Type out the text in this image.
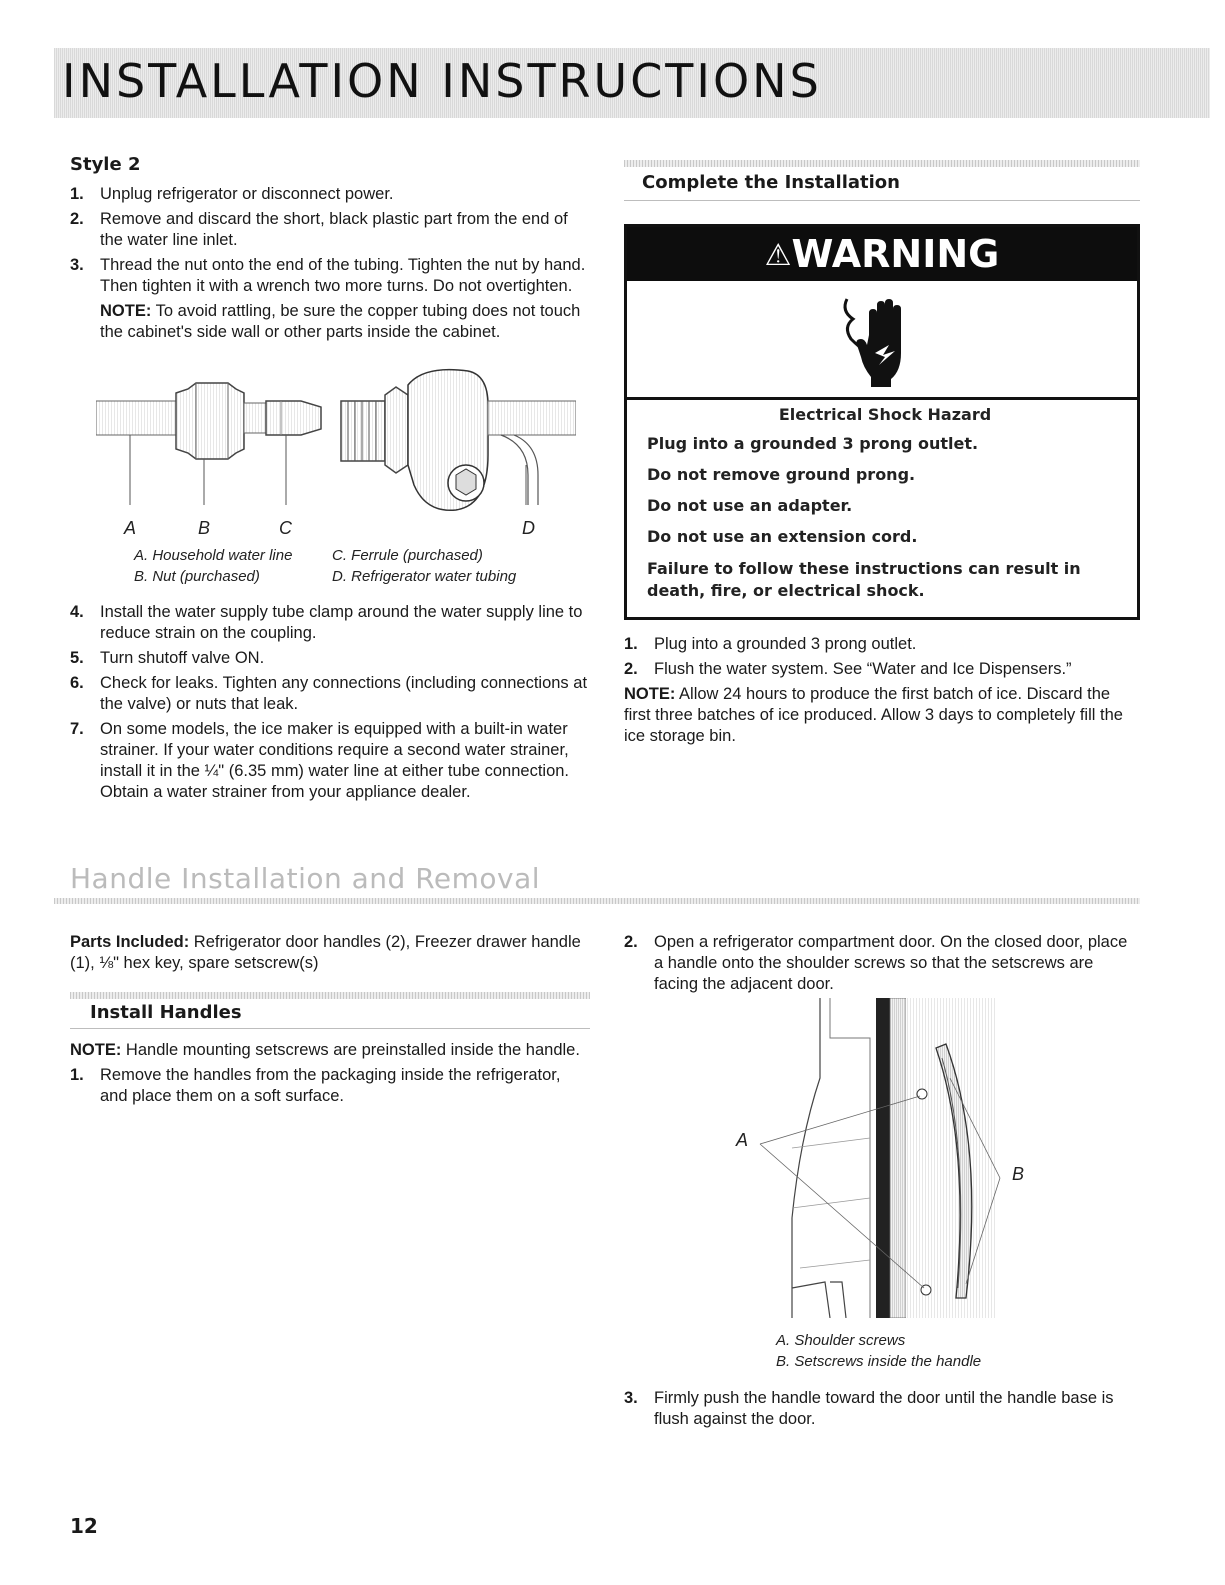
INSTALLATION INSTRUCTIONS
Style 2
1. Unplug refrigerator or disconnect power.
2. Remove and discard the short, black plastic part from the end of the water line inlet.
3. Thread the nut onto the end of the tubing. Tighten the nut by hand. Then tighten it with a wrench two more turns. Do not overtighten.
NOTE: To avoid rattling, be sure the copper tubing does not touch the cabinet's side wall or other parts inside the cabinet.
A	B	C	D
A. Household water line
B. Nut (purchased)
C. Ferrule (purchased)
D. Refrigerator water tubing
4. Install the water supply tube clamp around the water supply line to reduce strain on the coupling.
5. Turn shutoff valve ON.
6. Check for leaks. Tighten any connections (including connections at the valve) or nuts that leak.
7. On some models, the ice maker is equipped with a built-in water strainer. If your water conditions require a second water strainer, install it in the ¼" (6.35 mm) water line at either tube connection. Obtain a water strainer from your appliance dealer.
Complete the Installation
⚠WARNING

Electrical Shock Hazard

Plug into a grounded 3 prong outlet.

Do not remove ground prong.

Do not use an adapter.

Do not use an extension cord.

Failure to follow these instructions can result in death, fire, or electrical shock.

1. Plug into a grounded 3 prong outlet.
2. Flush the water system. See “Water and Ice Dispensers.”
NOTE: Allow 24 hours to produce the first batch of ice. Discard the first three batches of ice produced. Allow 3 days to completely fill the ice storage bin.
Handle Installation and Removal
Parts Included: Refrigerator door handles (2), Freezer drawer handle (1), ⅛" hex key, spare setscrew(s)
Install Handles
NOTE: Handle mounting setscrews are preinstalled inside the handle.
1. Remove the handles from the packaging inside the refrigerator, and place them on a soft surface.
2. Open a refrigerator compartment door. On the closed door, place a handle onto the shoulder screws so that the setscrews are facing the adjacent door.
A
B
A. Shoulder screws
B. Setscrews inside the handle
3. Firmly push the handle toward the door until the handle base is flush against the door.
12
